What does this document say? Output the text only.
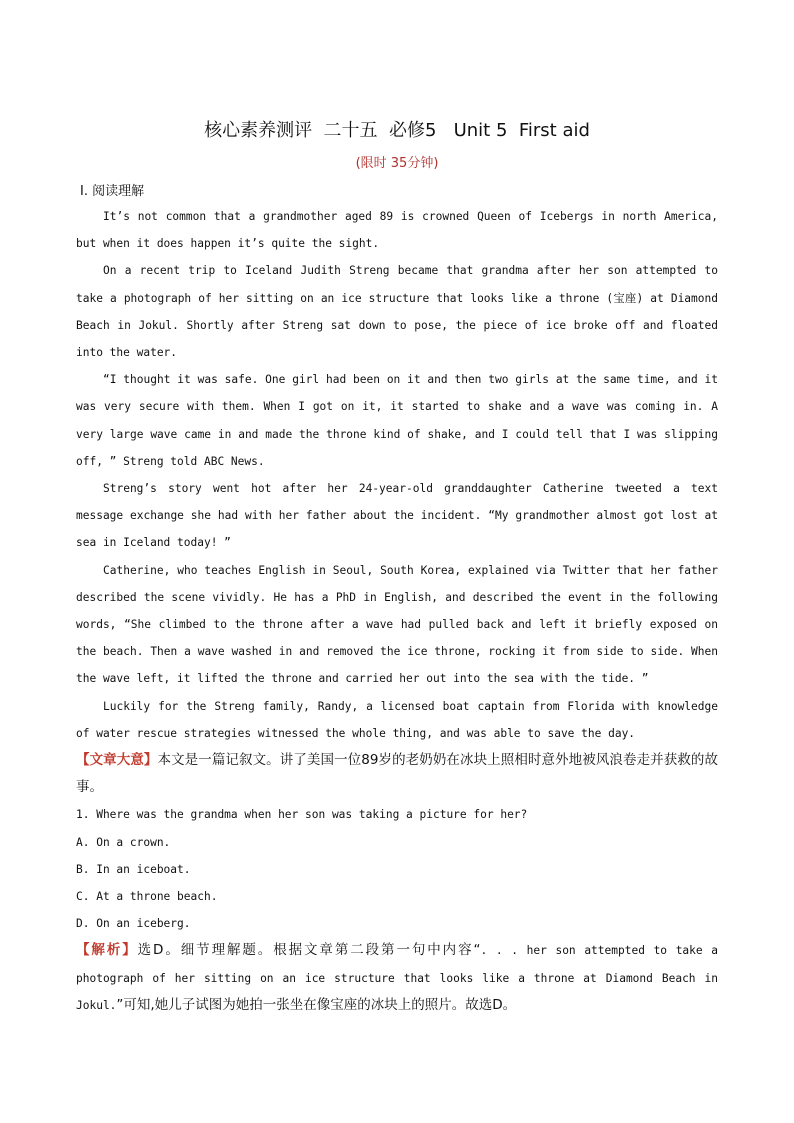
核心素养测评  二十五  必修5   Unit 5  First aid
(限时 35分钟)
Ⅰ. 阅读理解

It’s not common that a grandmother aged 89 is crowned Queen of Icebergs in north America, but when it does happen it’s quite the sight.

On a recent trip to Iceland Judith Streng became that grandma after her son attempted to take a photograph of her sitting on an ice structure that looks like a throne (宝座) at Diamond Beach in Jokul. Shortly after Streng sat down to pose, the piece of ice broke off and floated into the water.

“I thought it was safe. One girl had been on it and then two girls at the same time, and it was very secure with them. When I got on it, it started to shake and a wave was coming in. A very large wave came in and made the throne kind of shake, and I could tell that I was slipping off, ” Streng told ABC News.

Streng’s story went hot after her 24-year-old granddaughter Catherine tweeted a text message exchange she had with her father about the incident. “My grandmother almost got lost at sea in Iceland today! ”

Catherine, who teaches English in Seoul, South Korea, explained via Twitter that her father described the scene vividly. He has a PhD in English, and described the event in the following words, “She climbed to the throne after a wave had pulled back and left it briefly exposed on the beach. Then a wave washed in and removed the ice throne, rocking it from side to side. When the wave left, it lifted the throne and carried her out into the sea with the tide. ”

Luckily for the Streng family, Randy, a licensed boat captain from Florida with knowledge of water rescue strategies witnessed the whole thing, and was able to save the day.

【文章大意】本文是一篇记叙文。讲了美国一位89岁的老奶奶在冰块上照相时意外地被风浪卷走并获救的故事。

1. Where was the grandma when her son was taking a picture for her?

A. On a crown.

B. In an iceboat.

C. At a throne beach.

D. On an iceberg.

【解析】选D。细节理解题。根据文章第二段第一句中内容“. . . her son attempted to take a photograph of her sitting on an ice structure that looks like a throne at Diamond Beach in Jokul.”可知,她儿子试图为她拍一张坐在像宝座的冰块上的照片。故选D。
